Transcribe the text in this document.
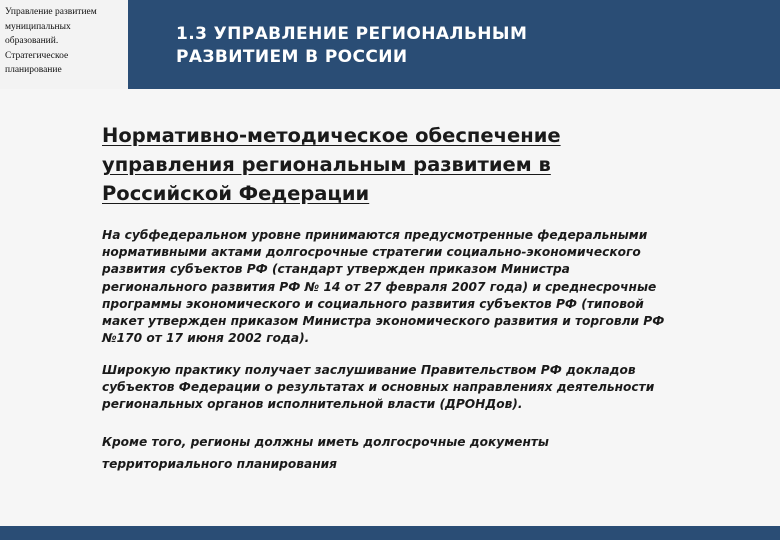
Управление развитием
муниципальных
образований.
Стратегическое
планирование
1.3 УПРАВЛЕНИЕ РЕГИОНАЛЬНЫМ
РАЗВИТИЕМ В РОССИИ
Нормативно-методическое обеспечение
управления региональным развитием в
Российской Федерации
На субфедеральном уровне принимаются предусмотренные федеральными
нормативными актами долгосрочные стратегии социально-экономического
развития субъектов РФ (стандарт утвержден приказом Министра
регионального развития РФ № 14 от 27 февраля 2007 года) и среднесрочные
программы экономического и социального развития субъектов РФ (типовой
макет утвержден приказом Министра экономического развития и торговли РФ
№170 от 17 июня 2002 года).
Широкую практику получает заслушивание Правительством РФ докладов
субъектов Федерации о результатах и основных направлениях деятельности
региональных органов исполнительной власти (ДРОНДов).
Кроме того, регионы должны иметь долгосрочные документы
территориального планирования
